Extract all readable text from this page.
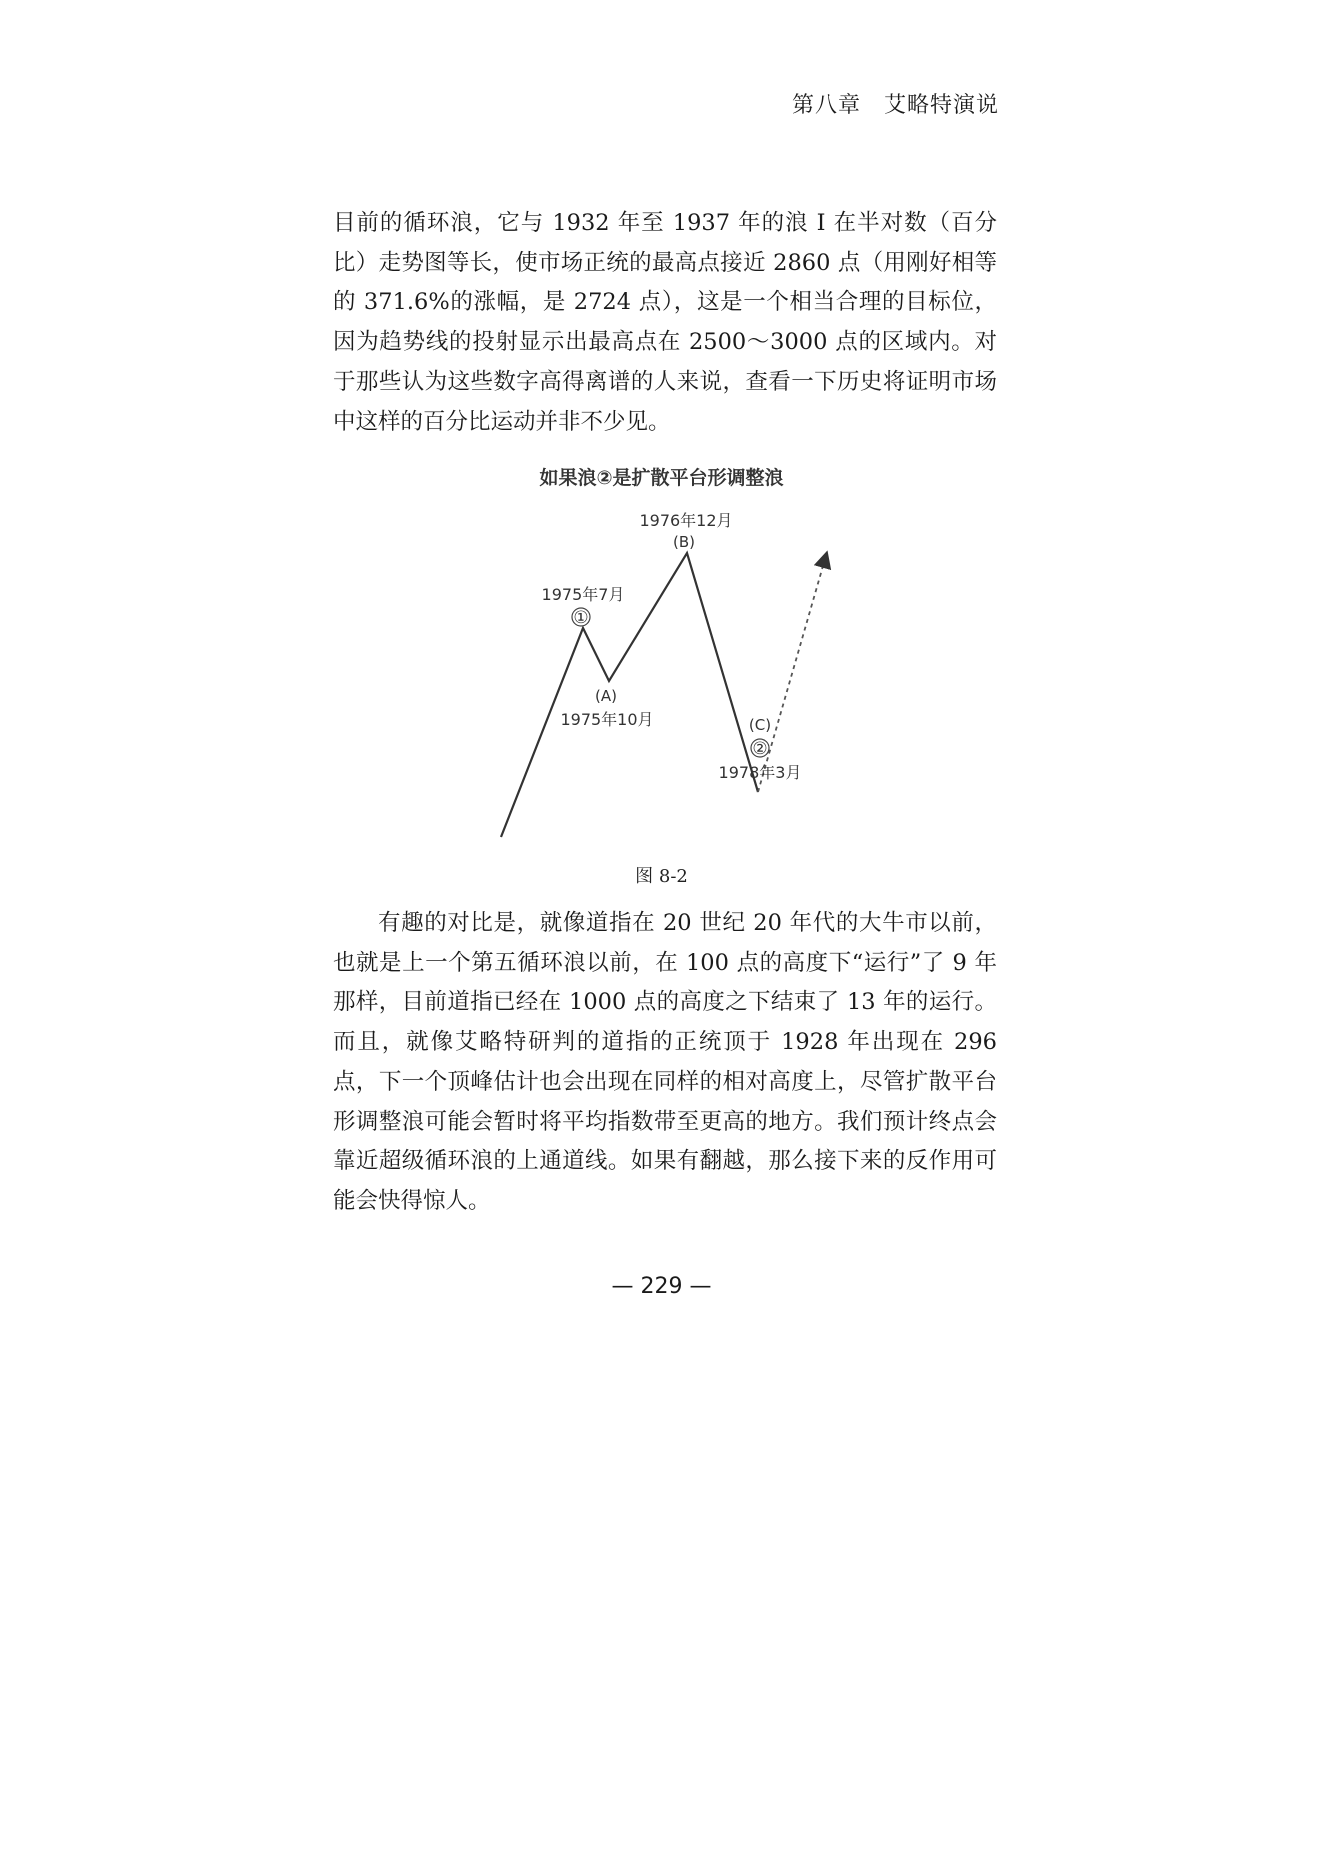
第八章　艾略特演说

目前的循环浪，它与 1932 年至 1937 年的浪 I 在半对数（百分比）走势图等长，使市场正统的最高点接近 2860 点（用刚好相等的 371.6%的涨幅，是 2724 点），这是一个相当合理的目标位，因为趋势线的投射显示出最高点在 2500～3000 点的区域内。对于那些认为这些数字高得离谱的人来说，查看一下历史将证明市场中这样的百分比运动并非不少见。

如果浪②是扩散平台形调整浪
1975年7月
①
(A)
1975年10月
1976年12月
(B)
(C)
②
1978年3月
图 8-2

有趣的对比是，就像道指在 20 世纪 20 年代的大牛市以前，也就是上一个第五循环浪以前，在 100 点的高度下“运行”了 9 年那样，目前道指已经在 1000 点的高度之下结束了 13 年的运行。而且，就像艾略特研判的道指的正统顶于 1928 年出现在 296 点，下一个顶峰估计也会出现在同样的相对高度上，尽管扩散平台形调整浪可能会暂时将平均指数带至更高的地方。我们预计终点会靠近超级循环浪的上通道线。如果有翻越，那么接下来的反作用可能会快得惊人。

— 229 —
